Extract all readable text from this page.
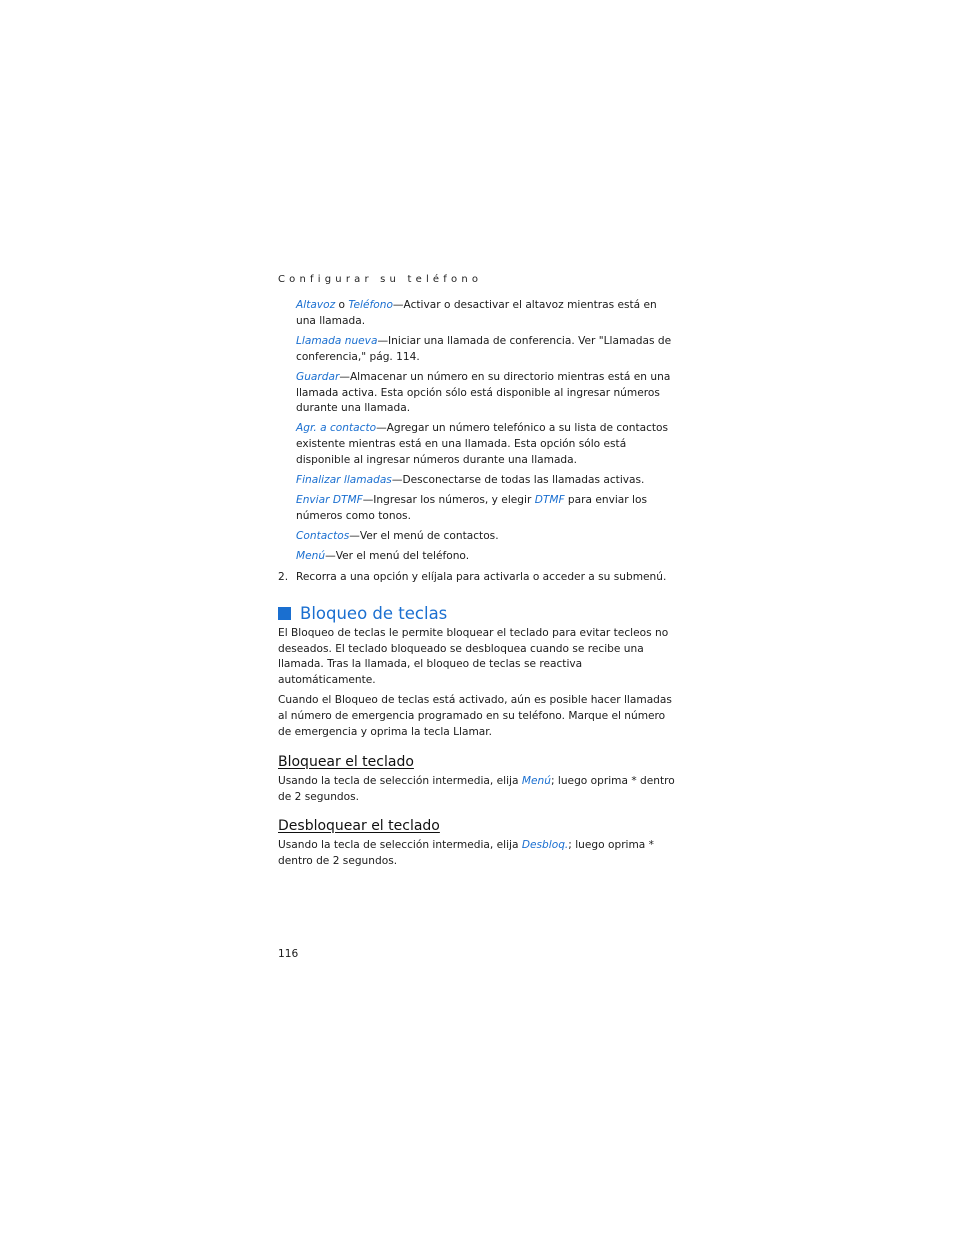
Configurar su teléfono
Altavoz o Teléfono—Activar o desactivar el altavoz mientras está en una llamada.
Llamada nueva—Iniciar una llamada de conferencia. Ver "Llamadas de conferencia," pág. 114.
Guardar—Almacenar un número en su directorio mientras está en una llamada activa. Esta opción sólo está disponible al ingresar números durante una llamada.
Agr. a contacto—Agregar un número telefónico a su lista de contactos existente mientras está en una llamada. Esta opción sólo está disponible al ingresar números durante una llamada.
Finalizar llamadas—Desconectarse de todas las llamadas activas.
Enviar DTMF—Ingresar los números, y elegir DTMF para enviar los números como tonos.
Contactos—Ver el menú de contactos.
Menú—Ver el menú del teléfono.
2. Recorra a una opción y elíjala para activarla o acceder a su submenú.
Bloqueo de teclas
El Bloqueo de teclas le permite bloquear el teclado para evitar tecleos no deseados. El teclado bloqueado se desbloquea cuando se recibe una llamada. Tras la llamada, el bloqueo de teclas se reactiva automáticamente.
Cuando el Bloqueo de teclas está activado, aún es posible hacer llamadas al número de emergencia programado en su teléfono. Marque el número de emergencia y oprima la tecla Llamar.
Bloquear el teclado
Usando la tecla de selección intermedia, elija Menú; luego oprima * dentro de 2 segundos.
Desbloquear el teclado
Usando la tecla de selección intermedia, elija Desbloq.; luego oprima * dentro de 2 segundos.
116
